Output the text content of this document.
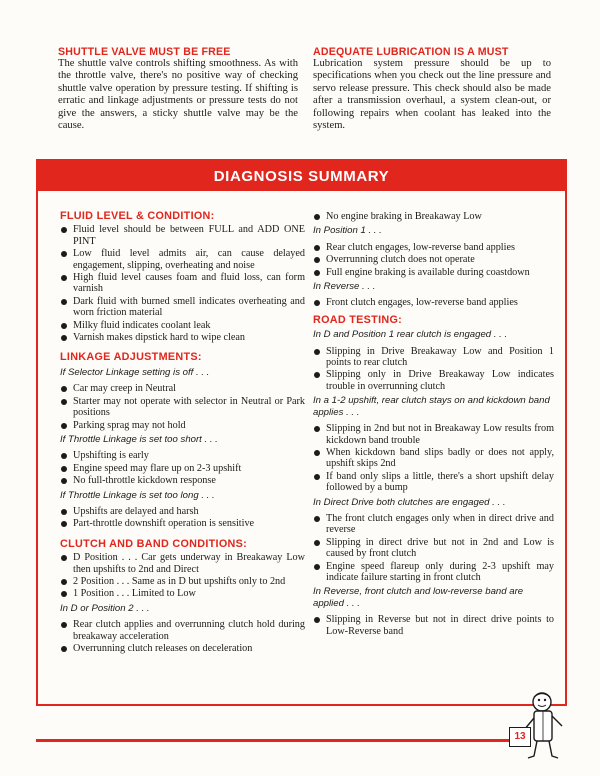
SHUTTLE VALVE MUST BE FREE

The shuttle valve controls shifting smoothness. As with the throttle valve, there's no positive way of checking shuttle valve operation by pressure testing. If shifting is erratic and linkage adjustments or pressure tests do not give the answers, a sticky shuttle valve may be the cause.

ADEQUATE LUBRICATION IS A MUST

Lubrication system pressure should be up to specifications when you check out the line pressure and servo release pressure. This check should also be made after a transmission overhaul, a system clean-out, or following repairs when coolant has leaked into the system.

DIAGNOSIS SUMMARY
FLUID LEVEL & CONDITION:
Fluid level should be between FULL and ADD ONE PINT
Low fluid level admits air, can cause delayed engagement, slipping, overheating and noise
High fluid level causes foam and fluid loss, can form varnish
Dark fluid with burned smell indicates overheating and worn friction material
Milky fluid indicates coolant leak
Varnish makes dipstick hard to wipe clean
LINKAGE ADJUSTMENTS:
If Selector Linkage setting is off . . .
Car may creep in Neutral
Starter may not operate with selector in Neutral or Park positions
Parking sprag may not hold
If Throttle Linkage is set too short . . .
Upshifting is early
Engine speed may flare up on 2-3 upshift
No full-throttle kickdown response
If Throttle Linkage is set too long . . .
Upshifts are delayed and harsh
Part-throttle downshift operation is sensitive
CLUTCH AND BAND CONDITIONS:
D Position . . . Car gets underway in Breakaway Low then upshifts to 2nd and Direct
2 Position . . . Same as in D but upshifts only to 2nd
1 Position . . . Limited to Low
In D or Position 2 . . .
Rear clutch applies and overrunning clutch hold during breakaway acceleration
Overrunning clutch releases on deceleration
No engine braking in Breakaway Low
In Position 1 . . .
Rear clutch engages, low-reverse band applies
Overrunning clutch does not operate
Full engine braking is available during coastdown
In Reverse . . .
Front clutch engages, low-reverse band applies
ROAD TESTING:
In D and Position 1 rear clutch is engaged . . .
Slipping in Drive Breakaway Low and Position 1 points to rear clutch
Slipping only in Drive Breakaway Low indicates trouble in overrunning clutch
In a 1-2 upshift, rear clutch stays on and kickdown band applies . . .
Slipping in 2nd but not in Breakaway Low results from kickdown band trouble
When kickdown band slips badly or does not apply, upshift skips 2nd
If band only slips a little, there's a short upshift delay followed by a bump
In Direct Drive both clutches are engaged . . .
The front clutch engages only when in direct drive and reverse
Slipping in direct drive but not in 2nd and Low is caused by front clutch
Engine speed flareup only during 2-3 upshift may indicate failure starting in front clutch
In Reverse, front clutch and low-reverse band are applied . . .
Slipping in Reverse but not in direct drive points to Low-Reverse band
13
